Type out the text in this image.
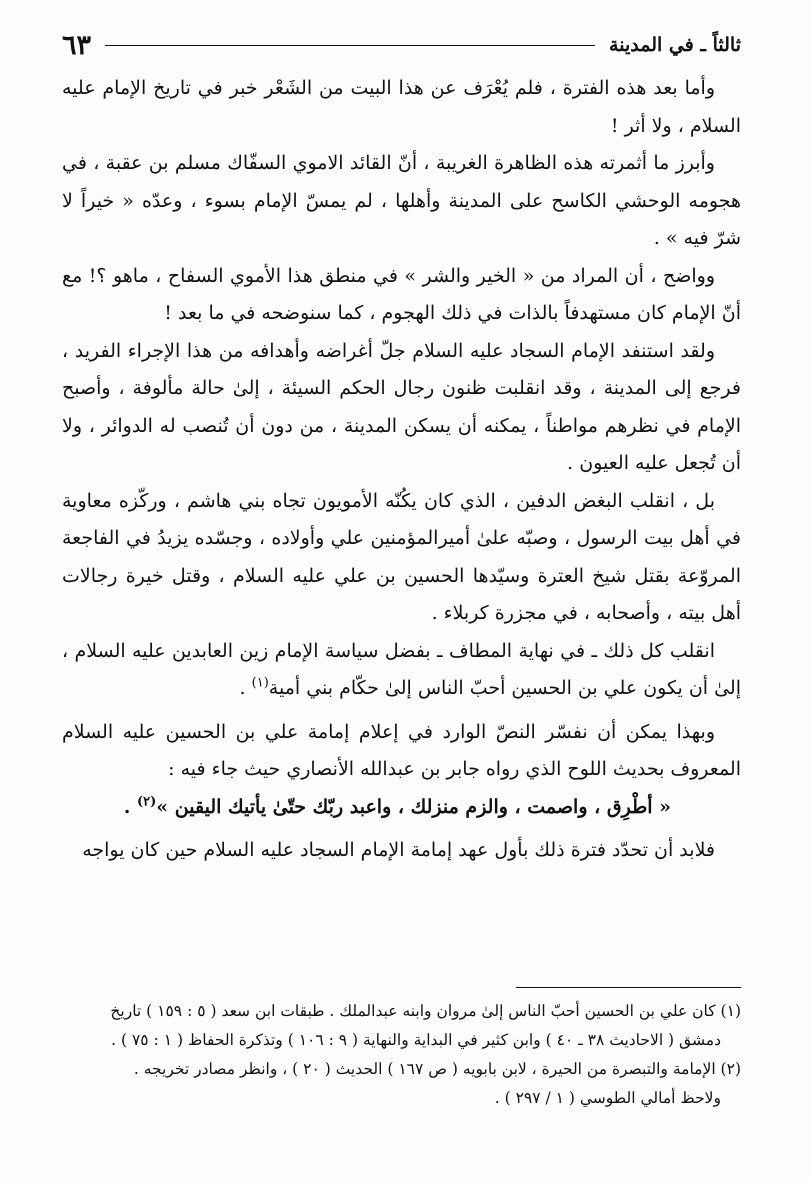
ثالثاً ـ في المدينة
٦٣

وأما بعد هذه الفترة ، فلم يُعْرَف عن هذا البيت من الشَعْر خبر في تاريخ الإمام عليه السلام ، ولا أثر !

وأبرز ما أثمرته هذه الظاهرة الغريبة ، أنّ القائد الاموي السفّاك مسلم بن عقبة ، في هجومه الوحشي الكاسح على المدينة وأهلها ، لم يمسّ الإمام بسوء ، وعدّه « خيراً لا شرّ فيه » .

وواضح ، أن المراد من « الخير والشر » في منطق هذا الأموي السفاح ، ماهو ؟! مع أنّ الإمام كان مستهدفاً بالذات في ذلك الهجوم ، كما سنوضحه في ما بعد !

ولقد استنفد الإمام السجاد عليه السلام جلّ أغراضه وأهدافه من هذا الإجراء الفريد ، فرجع إلى المدينة ، وقد انقلبت ظنون رجال الحكم السيئة ، إلىٰ حالة مألوفة ، وأصبح الإمام في نظرهم مواطناً ، يمكنه أن يسكن المدينة ، من دون أن تُنصب له الدوائر ، ولا أن تُجعل عليه العيون .

بل ، انقلب البغض الدفين ، الذي كان يكُنّه الأمويون تجاه بني هاشم ، وركّزه معاوية في أهل بيت الرسول ، وصبّه علىٰ أميرالمؤمنين علي وأولاده ، وجسّده يزيدُ في الفاجعة المروّعة بقتل شيخ العترة وسيّدها الحسين بن علي عليه السلام ، وقتل خيرة رجالات أهل بيته ، وأصحابه ، في مجزرة كربلاء .

انقلب كل ذلك ـ في نهاية المطاف ـ بفضل سياسة الإمام زين العابدين عليه السلام ، إلىٰ أن يكون علي بن الحسين أحبّ الناس إلىٰ حكّام بني أمية$^{(١)}$ .

وبهذا يمكن أن نفسّر النصّ الوارد في إعلام إمامة علي بن الحسين عليه السلام المعروف بحديث اللوح الذي رواه جابر بن عبدالله الأنصاري حيث جاء فيه :

« أطْرِق ، واصمت ، والزم منزلك ، واعبد ربّك حتّىٰ يأتيك اليقين »$^{(٢)}$ .

فلابد أن تحدّد فترة ذلك بأول عهد إمامة الإمام السجاد عليه السلام حين كان يواجه

(١) كان علي بن الحسين أحبّ الناس إلىٰ مروان وابنه عبدالملك . طبقات ابن سعد ( ٥ : ١٥٩ ) تاريخ

دمشق ( الاحاديث ٣٨ ـ ٤٠ ) وابن كثير في البداية والنهاية ( ٩ : ١٠٦ ) وتذكرة الحفاظ ( ١ : ٧٥ ) .

(٢) الإمامة والتبصرة من الحيرة ، لابن بابويه ( ص ١٦٧ ) الحديث ( ٢٠ ) ، وانظر مصادر تخريجه .

ولاحظ أمالي الطوسي ( ١ / ٢٩٧ ) .
